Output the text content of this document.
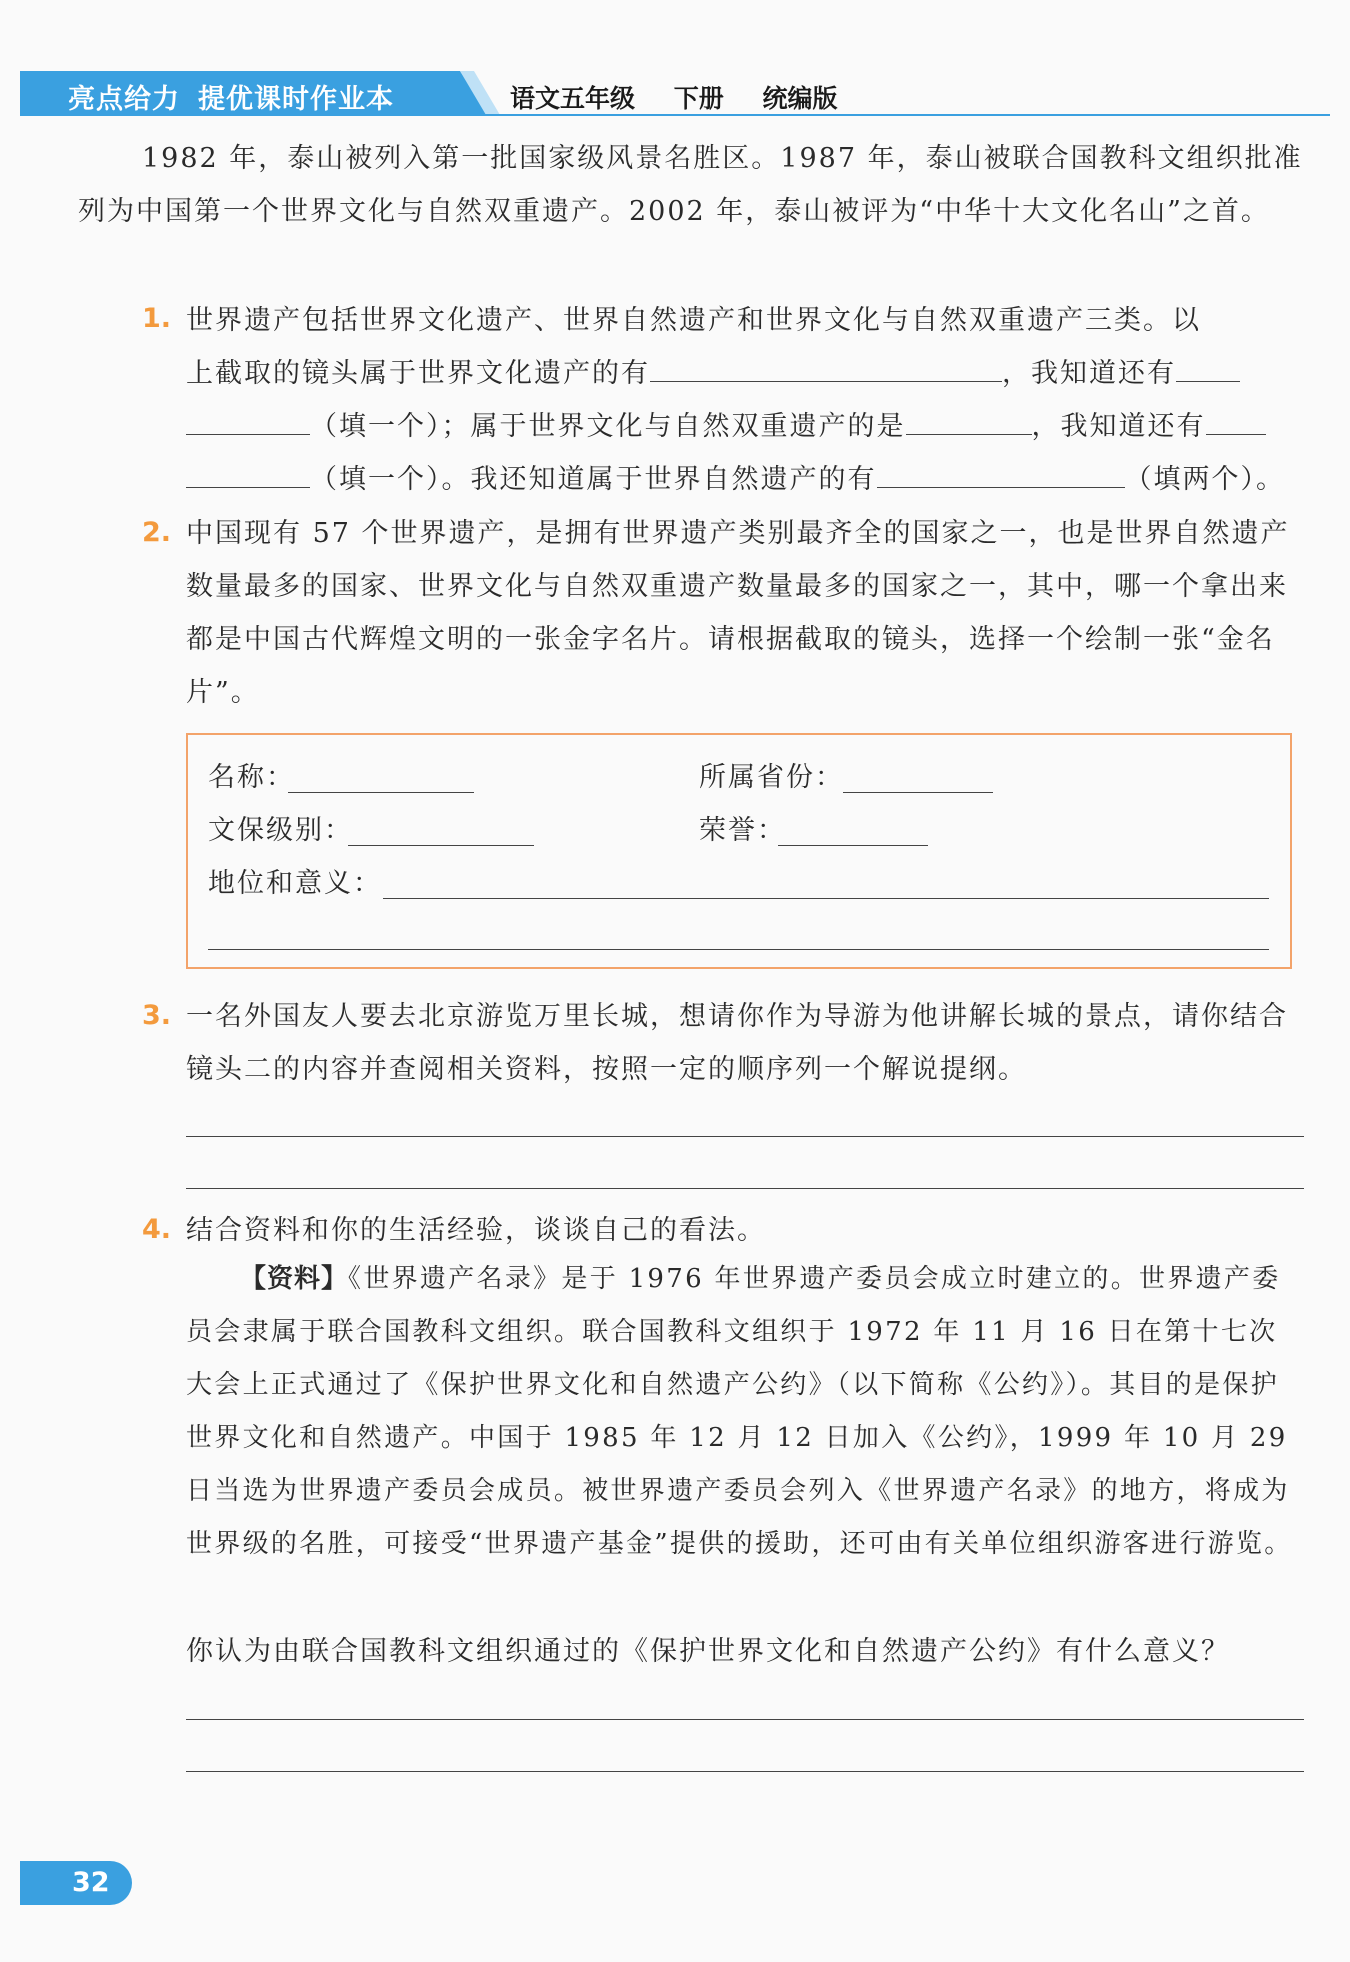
亮点给力 提优课时作业本	语文五年级 下册 统编版
1982 年，泰山被列入第一批国家级风景名胜区。1987 年，泰山被联合国教科文组织批准列为中国第一个世界文化与自然双重遗产。2002 年，泰山被评为“中华十大文化名山”之首。
1. 世界遗产包括世界文化遗产、世界自然遗产和世界文化与自然双重遗产三类。以
上截取的镜头属于世界文化遗产的有	，我知道还有
（填一个）；属于世界文化与自然双重遗产的是	，我知道还有
（填一个）。我还知道属于世界自然遗产的有	（填两个）。
2. 中国现有 57 个世界遗产，是拥有世界遗产类别最齐全的国家之一，也是世界自然遗产数量最多的国家、世界文化与自然双重遗产数量最多的国家之一，其中，哪一个拿出来都是中国古代辉煌文明的一张金字名片。请根据截取的镜头，选择一个绘制一张“金名片”。
名称：	所属省份：
文保级别：	荣誉：
地位和意义：
3. 一名外国友人要去北京游览万里长城，想请你作为导游为他讲解长城的景点，请你结合镜头二的内容并查阅相关资料，按照一定的顺序列一个解说提纲。
4. 结合资料和你的生活经验，谈谈自己的看法。
【资料】《世界遗产名录》是于 1976 年世界遗产委员会成立时建立的。世界遗产委员会隶属于联合国教科文组织。联合国教科文组织于 1972 年 11 月 16 日在第十七次大会上正式通过了《保护世界文化和自然遗产公约》（以下简称《公约》）。其目的是保护世界文化和自然遗产。中国于 1985 年 12 月 12 日加入《公约》，1999 年 10 月 29 日当选为世界遗产委员会成员。被世界遗产委员会列入《世界遗产名录》的地方，将成为世界级的名胜，可接受“世界遗产基金”提供的援助，还可由有关单位组织游客进行游览。
你认为由联合国教科文组织通过的《保护世界文化和自然遗产公约》有什么意义？
32
